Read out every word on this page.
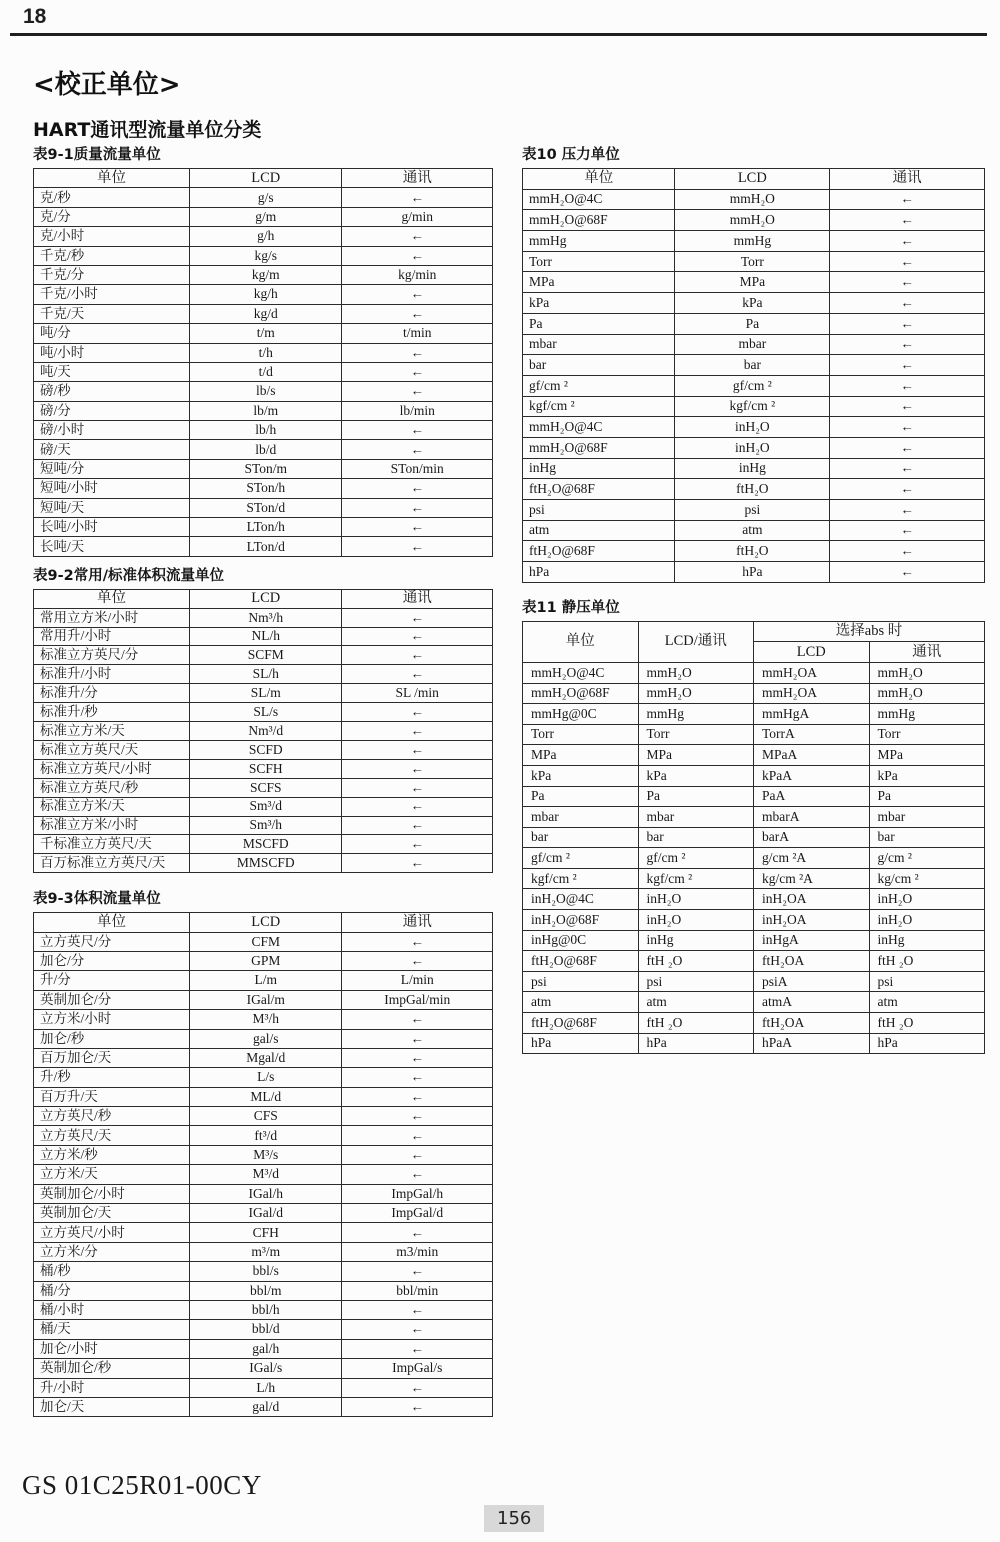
18
<校正单位>
HART通讯型流量单位分类
表9-1质量流量单位
单位	LCD	通讯
克/秒	g/s	←
克/分	g/m	g/min
克/小时	g/h	←
千克/秒	kg/s	←
千克/分	kg/m	kg/min
千克/小时	kg/h	←
千克/天	kg/d	←
吨/分	t/m	t/min
吨/小时	t/h	←
吨/天	t/d	←
磅/秒	lb/s	←
磅/分	lb/m	lb/min
磅/小时	lb/h	←
磅/天	lb/d	←
短吨/分	STon/m	STon/min
短吨/小时	STon/h	←
短吨/天	STon/d	←
长吨/小时	LTon/h	←
长吨/天	LTon/d	←
表9-2常用/标准体积流量单位
单位	LCD	通讯
常用立方米/小时	Nm³/h	←
常用升/小时	NL/h	←
标准立方英尺/分	SCFM	←
标准升/小时	SL/h	←
标准升/分	SL/m	SL /min
标准升/秒	SL/s	←
标准立方米/天	Nm³/d	←
标准立方英尺/天	SCFD	←
标准立方英尺/小时	SCFH	←
标准立方英尺/秒	SCFS	←
标准立方米/天	Sm³/d	←
标准立方米/小时	Sm³/h	←
千标准立方英尺/天	MSCFD	←
百万标准立方英尺/天	MMSCFD	←
表9-3体积流量单位
单位	LCD	通讯
立方英尺/分	CFM	←
加仑/分	GPM	←
升/分	L/m	L/min
英制加仑/分	IGal/m	ImpGal/min
立方米/小时	M³/h	←
加仑/秒	gal/s	←
百万加仑/天	Mgal/d	←
升/秒	L/s	←
百万升/天	ML/d	←
立方英尺/秒	CFS	←
立方英尺/天	ft³/d	←
立方米/秒	M³/s	←
立方米/天	M³/d	←
英制加仑/小时	IGal/h	ImpGal/h
英制加仑/天	IGal/d	ImpGal/d
立方英尺/小时	CFH	←
立方米/分	m³/m	m3/min
桶/秒	bbl/s	←
桶/分	bbl/m	bbl/min
桶/小时	bbl/h	←
桶/天	bbl/d	←
加仑/小时	gal/h	←
英制加仑/秒	IGal/s	ImpGal/s
升/小时	L/h	←
加仑/天	gal/d	←
表10 压力单位
单位	LCD	通讯
mmH₂O@4C	mmH₂O	←
mmH₂O@68F	mmH₂O	←
mmHg	mmHg	←
Torr	Torr	←
MPa	MPa	←
kPa	kPa	←
Pa	Pa	←
mbar	mbar	←
bar	bar	←
gf/cm ²	gf/cm ²	←
kgf/cm ²	kgf/cm ²	←
mmH₂O@4C	inH₂O	←
mmH₂O@68F	inH₂O	←
inHg	inHg	←
ftH₂O@68F	ftH₂O	←
psi	psi	←
atm	atm	←
ftH₂O@68F	ftH₂O	←
hPa	hPa	←
表11 静压单位
单位	LCD/通讯	选择abs 时	
		LCD	通讯
mmH₂O@4C	mmH₂O	mmH₂OA	mmH₂O
mmH₂O@68F	mmH₂O	mmH₂OA	mmH₂O
mmHg@0C	mmHg	mmHgA	mmHg
Torr	Torr	TorrA	Torr
MPa	MPa	MPaA	MPa
kPa	kPa	kPaA	kPa
Pa	Pa	PaA	Pa
mbar	mbar	mbarA	mbar
bar	bar	barA	bar
gf/cm ²	gf/cm ²	g/cm ²A	g/cm ²
kgf/cm ²	kgf/cm ²	kg/cm ²A	kg/cm ²
inH₂O@4C	inH₂O	inH₂OA	inH₂O
inH₂O@68F	inH₂O	inH₂OA	inH₂O
inHg@0C	inHg	inHgA	inHg
ftH₂O@68F	ftH ₂O	ftH₂OA	ftH ₂O
psi	psi	psiA	psi
atm	atm	atmA	atm
ftH₂O@68F	ftH ₂O	ftH₂OA	ftH ₂O
hPa	hPa	hPaA	hPa
GS 01C25R01-00CY
156
